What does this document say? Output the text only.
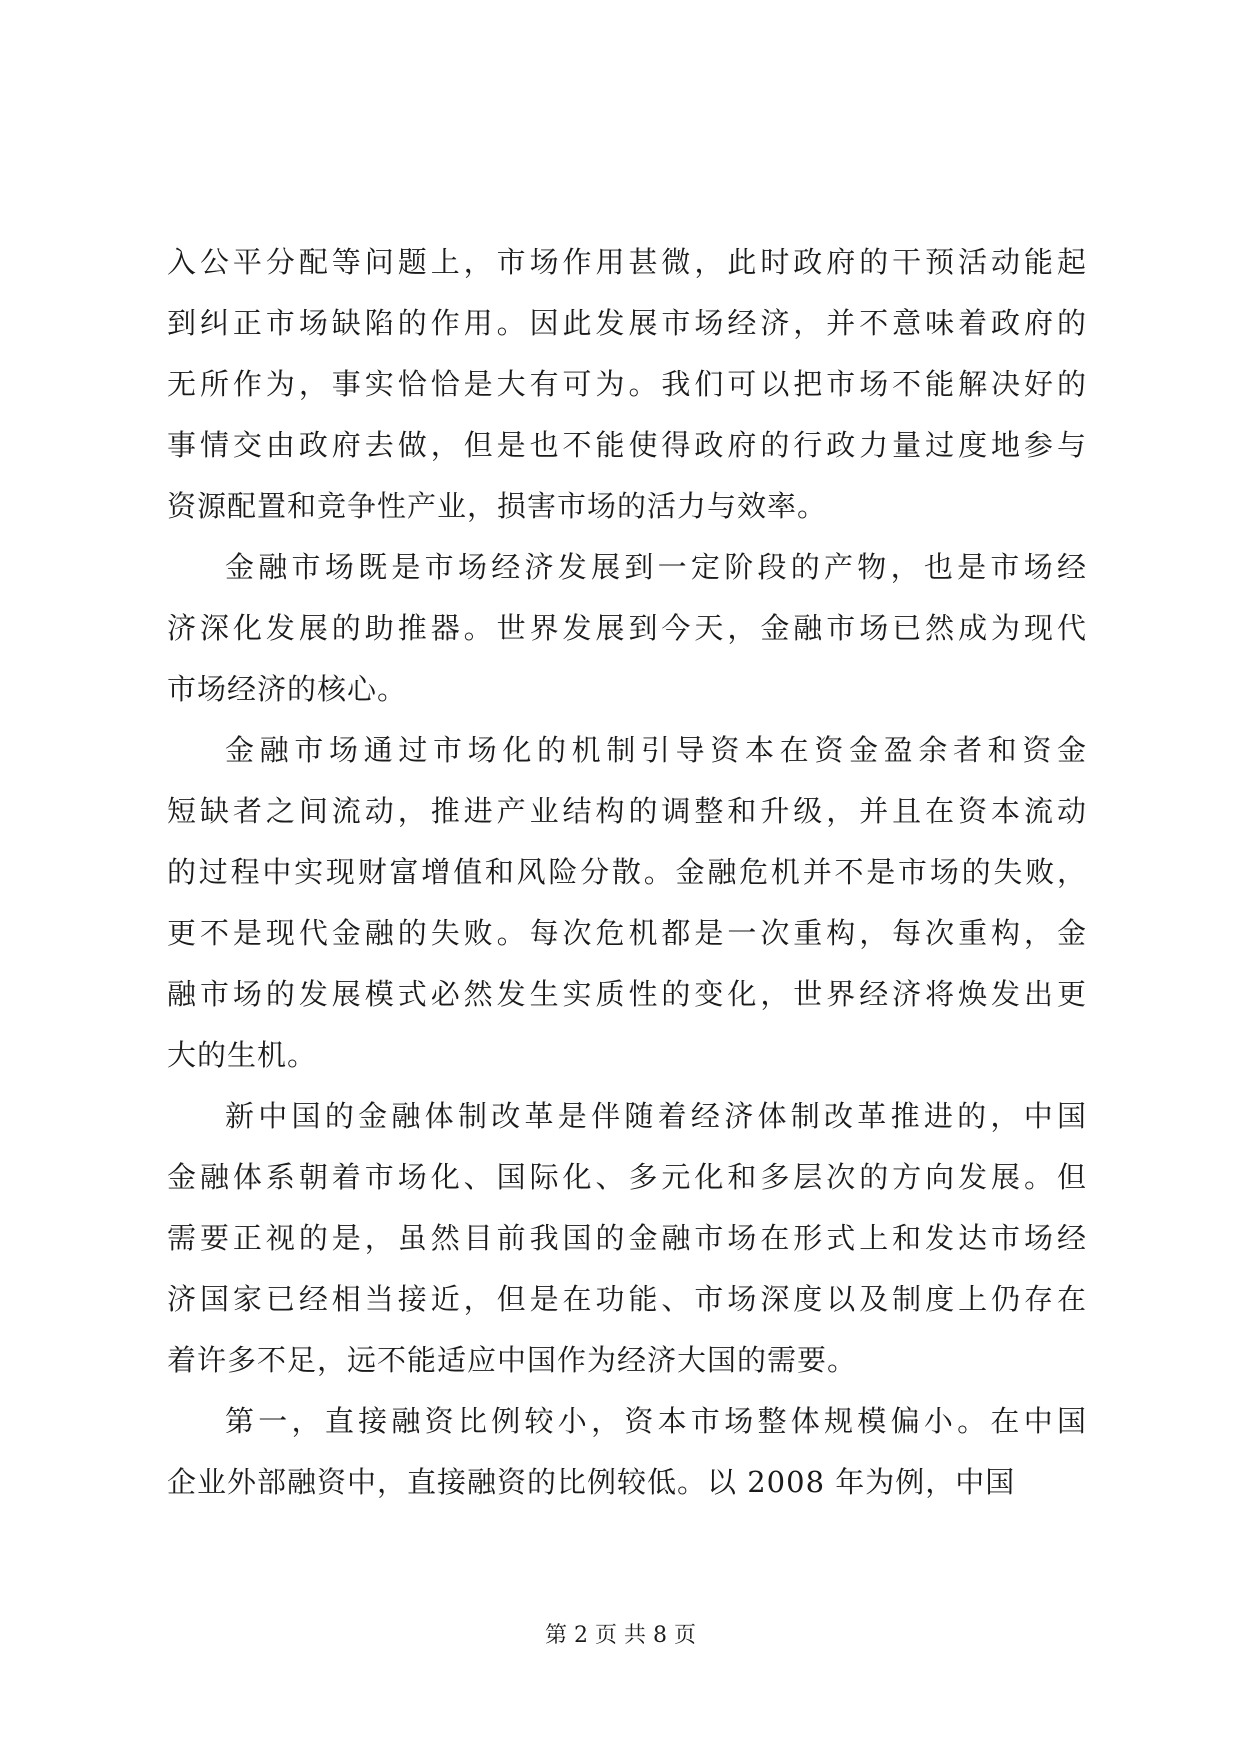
入公平分配等问题上，市场作用甚微，此时政府的干预活动能起
到纠正市场缺陷的作用。因此发展市场经济，并不意味着政府的
无所作为，事实恰恰是大有可为。我们可以把市场不能解决好的
事情交由政府去做，但是也不能使得政府的行政力量过度地参与
资源配置和竞争性产业，损害市场的活力与效率。

金融市场既是市场经济发展到一定阶段的产物，也是市场经
济深化发展的助推器。世界发展到今天，金融市场已然成为现代
市场经济的核心。

金融市场通过市场化的机制引导资本在资金盈余者和资金
短缺者之间流动，推进产业结构的调整和升级，并且在资本流动
的过程中实现财富增值和风险分散。金融危机并不是市场的失败，
更不是现代金融的失败。每次危机都是一次重构，每次重构，金
融市场的发展模式必然发生实质性的变化，世界经济将焕发出更
大的生机。

新中国的金融体制改革是伴随着经济体制改革推进的，中国
金融体系朝着市场化、国际化、多元化和多层次的方向发展。但
需要正视的是，虽然目前我国的金融市场在形式上和发达市场经
济国家已经相当接近，但是在功能、市场深度以及制度上仍存在
着许多不足，远不能适应中国作为经济大国的需要。

第一，直接融资比例较小，资本市场整体规模偏小。在中国
企业外部融资中，直接融资的比例较低。以 2008 年为例，中国

第 2 页 共 8 页
